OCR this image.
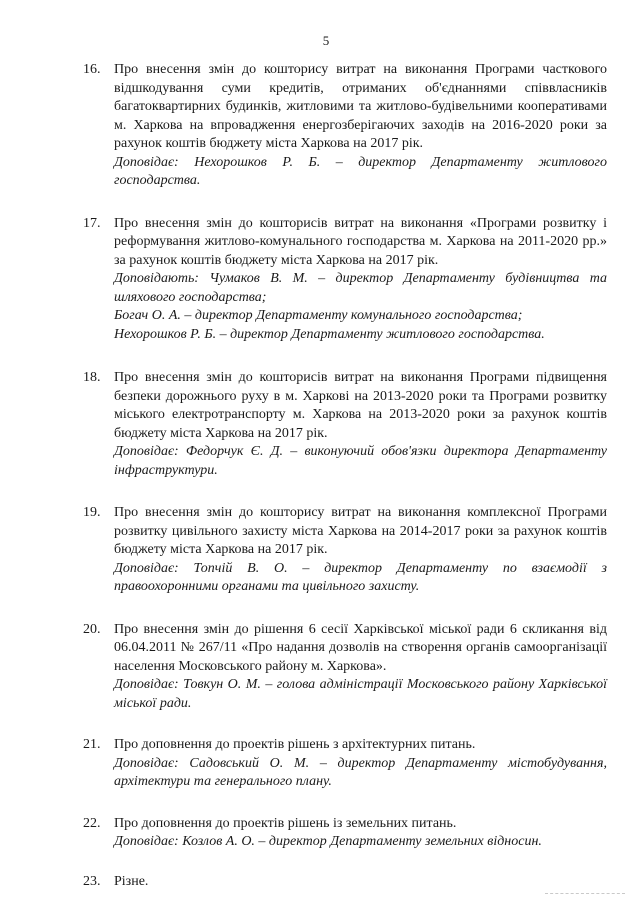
5
16. Про внесення змін до кошторису витрат на виконання Програми часткового відшкодування суми кредитів, отриманих об'єднаннями співвласників багатоквартирних будинків, житловими та житлово-будівельними кооперативами м. Харкова на впровадження енергозберігаючих заходів на 2016-2020 роки за рахунок коштів бюджету міста Харкова на 2017 рік.
Доповідає: Нехорошков Р. Б. – директор Департаменту житлового господарства.
17. Про внесення змін до кошторисів витрат на виконання «Програми розвитку і реформування житлово-комунального господарства м. Харкова на 2011-2020 рр.» за рахунок коштів бюджету міста Харкова на 2017 рік.
Доповідають: Чумаков В. М. – директор Департаменту будівництва та шляхового господарства;
Богач О. А. – директор Департаменту комунального господарства;
Нехорошков Р. Б. – директор Департаменту житлового господарства.
18. Про внесення змін до кошторисів витрат на виконання Програми підвищення безпеки дорожнього руху в м. Харкові на 2013-2020 роки та Програми розвитку міського електротранспорту м. Харкова на 2013-2020 роки за рахунок коштів бюджету міста Харкова на 2017 рік.
Доповідає: Федорчук Є. Д. – виконуючий обов'язки директора Департаменту інфраструктури.
19. Про внесення змін до кошторису витрат на виконання комплексної Програми розвитку цивільного захисту міста Харкова на 2014-2017 роки за рахунок коштів бюджету міста Харкова на 2017 рік.
Доповідає: Топчій В. О. – директор Департаменту по взаємодії з правоохоронними органами та цивільного захисту.
20. Про внесення змін до рішення 6 сесії Харківської міської ради 6 скликання від 06.04.2011 № 267/11 «Про надання дозволів на створення органів самоорганізації населення Московського району м. Харкова».
Доповідає: Товкун О. М. – голова адміністрації Московського району Харківської міської ради.
21. Про доповнення до проектів рішень з архітектурних питань.
Доповідає: Садовський О. М. – директор Департаменту містобудування, архітектури та генерального плану.
22. Про доповнення до проектів рішень із земельних питань.
Доповідає: Козлов А. О. – директор Департаменту земельних відносин.
23. Різне.
